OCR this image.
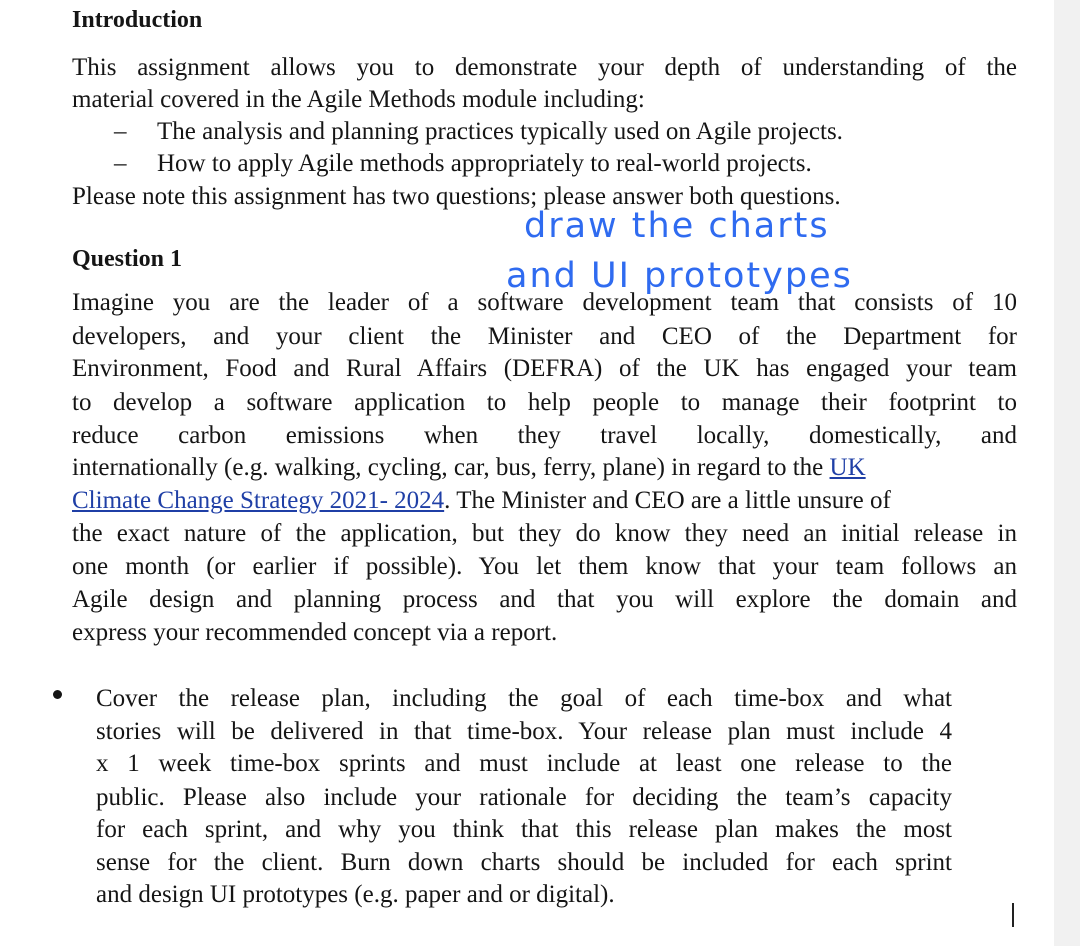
Introduction
This assignment allows you to demonstrate your depth of understanding of the
material covered in the Agile Methods module including:
– The analysis and planning practices typically used on Agile projects.
– How to apply Agile methods appropriately to real-world projects.
Please note this assignment has two questions; please answer both questions.
Question 1
Imagine you are the leader of a software development team that consists of 10
developers, and your client the Minister and CEO of the Department for
Environment, Food and Rural Affairs (DEFRA) of the UK has engaged your team
to develop a software application to help people to manage their footprint to
reduce carbon emissions when they travel locally, domestically, and
internationally (e.g. walking, cycling, car, bus, ferry, plane) in regard to the UK
Climate Change Strategy 2021- 2024. The Minister and CEO are a little unsure of
the exact nature of the application, but they do know they need an initial release in
one month (or earlier if possible). You let them know that your team follows an
Agile design and planning process and that you will explore the domain and
express your recommended concept via a report.
Cover the release plan, including the goal of each time-box and what
stories will be delivered in that time-box. Your release plan must include 4
x 1 week time-box sprints and must include at least one release to the
public. Please also include your rationale for deciding the team’s capacity
for each sprint, and why you think that this release plan makes the most
sense for the client. Burn down charts should be included for each sprint
and design UI prototypes (e.g. paper and or digital).
draw the charts
and UI prototypes
